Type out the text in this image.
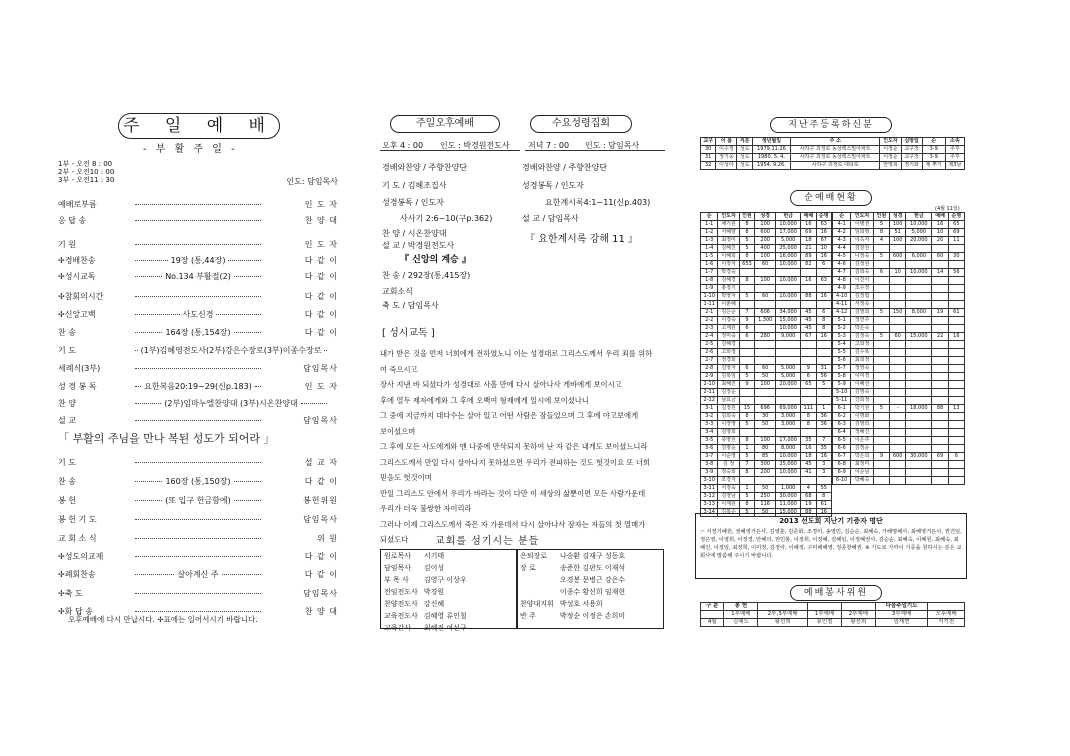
주 일 예 배
- 부 활 주 일 -
1부 - 오전 8 : 00
2부 - 오전10 : 00
3부 - 오전11 : 30	인도: 담임목사
예배로부름	인 도 자
응 답 송	찬 양 대
기 원	인 도 자
✢경배찬송	19장 (통,44장)	다 같 이
✢성시교독	No.134 부활절(2)	다 같 이
✢참회의시간	다 같 이
✢신앙고백	사도신경	다 같 이
찬 송	164장 (통,154장)	다 같 이
기 도	(1부)김혜영전도사(2부)강은수장로(3부)이종수장로
세례식(3부)	담임목사
성 경 봉 독	요한복음20:19~29(신p.183)	인 도 자
찬 양	(2부)임마누엘찬양대 (3부)시온찬양대
설 교	담임목사
기 도	설 교 자
찬 송	160장 (통,150장)	다 같 이
봉 헌	(또 입구 헌금함에)	봉헌위원
봉 헌 기 도	담임목사
교 회 소 식	위 원
✢성도의교제	다 같 이
✢폐회찬송	살아계신 주	다 같 이
✢축 도	담임목사
✢화 답 송	찬 양 대
「 부활의 주님을 만나 복된 성도가 되어라 」
오후예배에 다시 만납시다. ✢표에는 일어서시기 바랍니다.
주일오후예배	수요성령집회
오후 4 : 00 인도 : 박경원전도사 저녁 7 : 00 인도 : 담임목사
경배와찬양 / 주향찬양단
기 도 / 김혜조집사
성경봉독 / 인도자
사사기 2:6~10(구p.362)
찬 양 / 시온찬양대
설 교 / 박경원전도사
『 신앙의 계승 』
찬 송 / 292장(통,415장)
교회소식
축 도 / 담임목사
경배와찬양 / 주향찬양단
성경봉독 / 인도자
요한계시록4:1~11(신p.403)
설 교 / 담임목사
『 요한계시록 강해 11 』
[ 성시교독 ]

내가 받은 것을 먼저 너희에게 전하였노니 이는 성경대로 그리스도께서 우리 죄를 위하

여 죽으시고

장사 지낸 바 되셨다가 성경대로 사흘 만에 다시 살아나사 게바에게 보이시고

후에 열두 제자에게와 그 후에 오백여 형제에게 일시에 보이셨나니

그 중에 지금까지 대다수는 살아 있고 어떤 사람은 잠들었으며 그 후에 야고보에게

보이셨으며

그 후에 모든 사도에게와 맨 나중에 만삭되지 못하여 난 자 같은 내게도 보이셨느니라

그리스도께서 만일 다시 살아나지 못하셨으면 우리가 전파하는 것도 헛것이요 또 너희

믿음도 헛것이며

만일 그리스도 안에서 우리가 바라는 것이 다만 이 세상의 삶뿐이면 모든 사람가운데

우리가 더욱 불쌍한 자이리라

그러나 이제 그리스도께서 죽은 자 가운데서 다시 살아나사 잠자는 자들의 첫 열매가

되셨도다	교회를 섬기시는 분들
원로목사	서기태
담임목사	김이성
부 목 사	김영구 이상우
전임전도사	박경원
찬양전도사	강신혜
교육전도사	김혜영 류인철
교육간사	최혜진 여선구
은퇴장로	나승환 김재구 성동호
장 로	송준한 김판도 이재석
	오경봉 문병근 강은수
	이종수 황선희 임재현
찬양대지휘	박성호 서용희
반 주	박정순 이정은 손희미
지난주등록하신분
교구	이 름	직분	생년월일	주 소	인도자	심방일	순	소속
30	이수정	성도	1979.11.26	사하구 괴정로 동성렉스빌아파트	이정순	교구장	3-9	추후
31	정기웅	성도	1980. 5. 4.	사하구 괴정로 동성렉스빌아파트	이정순	교구장	3-9	추후
32	이성아	성도	1954. 9.26.	사하구 괴정로 대티로	안영희	정기화	제 뿌기	제3남
순예배현황
(4월 11일)
순	인도자	인원	성경	헌금	예배	순명
1-1	채기원	8	100	10,000	16	63
1-2	서혜향	8	600	17,000	69	16
1-3	최정미	5	200	5,000	18	67
1-4	김혜진	5	400	25,000	21	10
1-5	이혜희	8	100	16,000	89	16
1-6	이정자	653	60	10,000	82	6
1-7	박경숙					
1-8	김혜경	8	100	10,000	16	63
1-9	홍정기					
1-10	박영자	5	60	10,000	88	16
1-11	이춘혜					
2-1	김은순	7	606	34,000	45	6
2-2	이경숙	9	1,300	15,000	45	8
2-3	고계원	6		10,000	45	8
2-4	정미숙	6	280	9,000	67	16
2-5	김혜경					
2-6	고희정					
2-7	정경희					
2-8	김영자	6	60	5,000	9	31
2-9	김복임	5	50	5,000	6	56
2-10	최혜진	9	100	20,000	65	5
2-11	김정순					
2-12	남효금					
3-1	김정원	15	696	69,000	111	1
3-2	김희숙	8	30	3,000	8	36
3-3	이정영	5	50	3,000	8	36
3-4	김영희					
3-5	류영원	8	100	17,000	35	7
3-6	김명순	1	80	8,000	16	35
3-7	이순영	5	85	10,000	18	16
3-8	김 정	7	300	25,000	45	3
3-9	정숙희	8	200	10,000	41	3
3-10	조경자					
3-11	서정숙	1	50	1,000	4	55
3-12	김영남	5	250	30,000	68	8
3-13	이재원	8	116	11,000	19	61
3-14	김복순	5	50	15,000	88	16
순	인도자	인원	성경	헌금	예배	순명
4-1	이병권	5	100	10,000	16	65
4-2	임희영	8	51	5,000	10	69
4-3	이옥자	4	100	20,000	20	11
4-4	김창원					
4-5	나정숙	5	600	6,000	60	30
4-6	김정원					
4-7	김희숙	6	10	10,000	14	56
4-8	이진아					
4-9	조수정					
4-10	김정엽					
4-11	서정숙					
4-12	김영희	5	150	8,000	19	61
5-1	정연주					
5-2	박은숙					
5-3	김정숙	5	60	15,000	22	16
5-4	고희정					
5-5	김수복					
5-6	최희정					
5-7	정영숙					
5-8	이미경					
5-9	이혜선					
5-10	김명숙					
5-11	강희정					
6-1	박기원	5	-	18,000	88	13
6-2	이명화					
6-3	김영희					
6-4	정혜진					
6-5	이은주					
6-6	김정순					
6-7	박은희	9	600	30,000	69	6
6-8	최정미					
6-9	이순남					
6-10	박혜숙					
2013 선도회 지난기 기증자 명단
☞ 서정기혜원, 권혜영거든사, 김영훈, 김준화, 조경미, 송영민, 김순순, 최혜숙, 가혜명해사, 최혜영거든사, 권건임, 정은영, 이영희, 이정경, 안혜의, 권민봉, 이정희, 이정혜, 김혜임, 이정혜권사, 김순순, 최혜숙, 이혜원, 최혜숙, 최혜진, 이정임, 최정희, 이미정, 김정아, 이혜정, 구미해혜영, 정종창혜권. ※ 기도로 가까이 기증을 원하시는 분은 교회사에 말씀해 주시기 바랍니다.
예배봉사위원
구 분	봉 헌				다음주일기도	
	1부예배	2부,3부예배	1부예배	2부예배	3부예배	오후예배
4월	김혜도	황선희	류인철	황선희	임재현	서기천
